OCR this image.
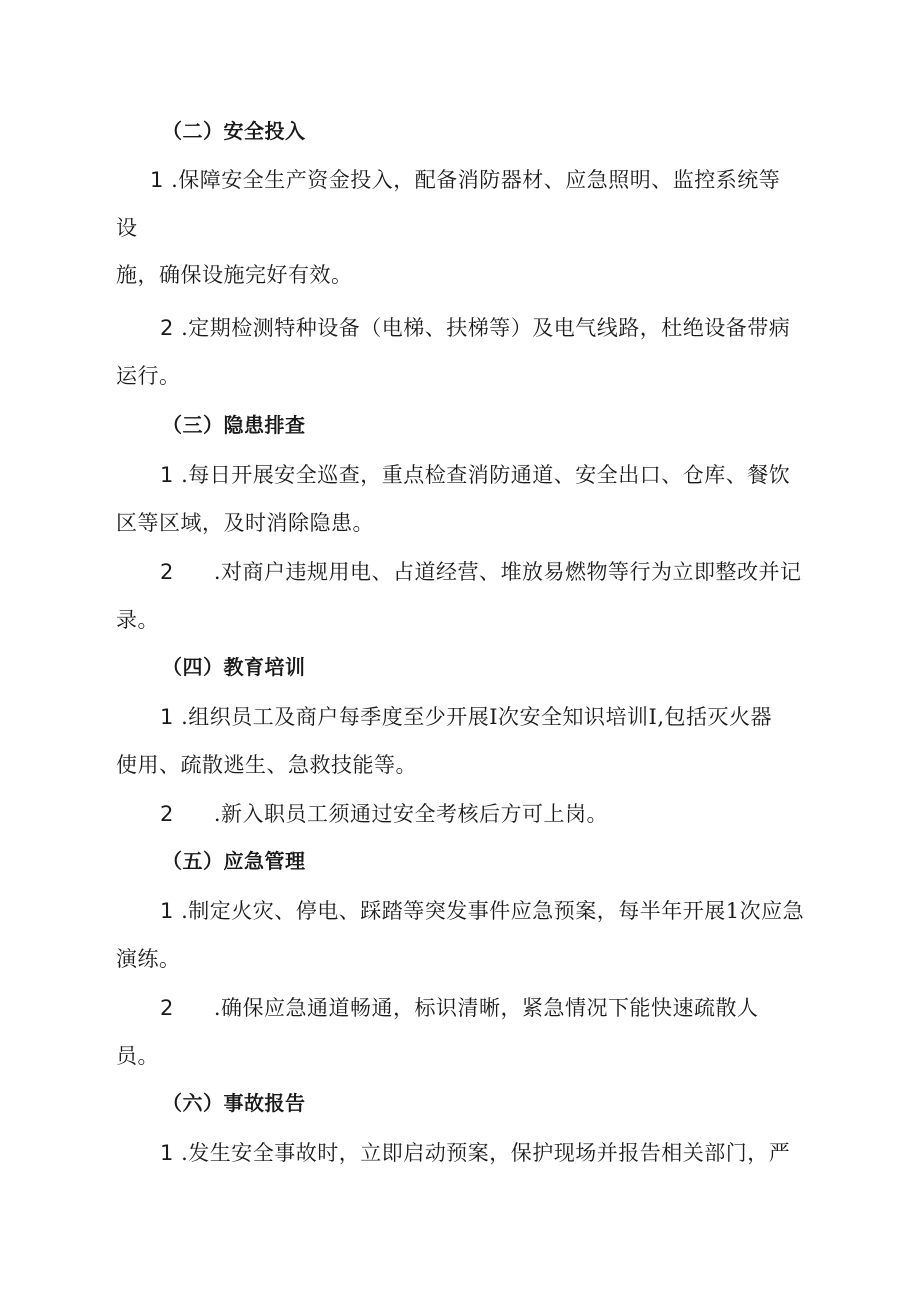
（二）安全投入
1 .保障安全生产资金投入，配备消防器材、应急照明、监控系统等
设
施，确保设施完好有效。
2 .定期检测特种设备（电梯、扶梯等）及电气线路，杜绝设备带病
运行。
（三）隐患排查
1 .每日开展安全巡查，重点检查消防通道、安全出口、仓库、餐饮
区等区域，及时消除隐患。
2 .对商户违规用电、占道经营、堆放易燃物等行为立即整改并记
录。
（四）教育培训
1 .组织员工及商户每季度至少开展I次安全知识培训I,包括灭火器
使用、疏散逃生、急救技能等。
2 .新入职员工须通过安全考核后方可上岗。
（五）应急管理
1 .制定火灾、停电、踩踏等突发事件应急预案，每半年开展1次应急
演练。
2 .确保应急通道畅通，标识清晰，紧急情况下能快速疏散人
员。
（六）事故报告
1 .发生安全事故时，立即启动预案，保护现场并报告相关部门，严
